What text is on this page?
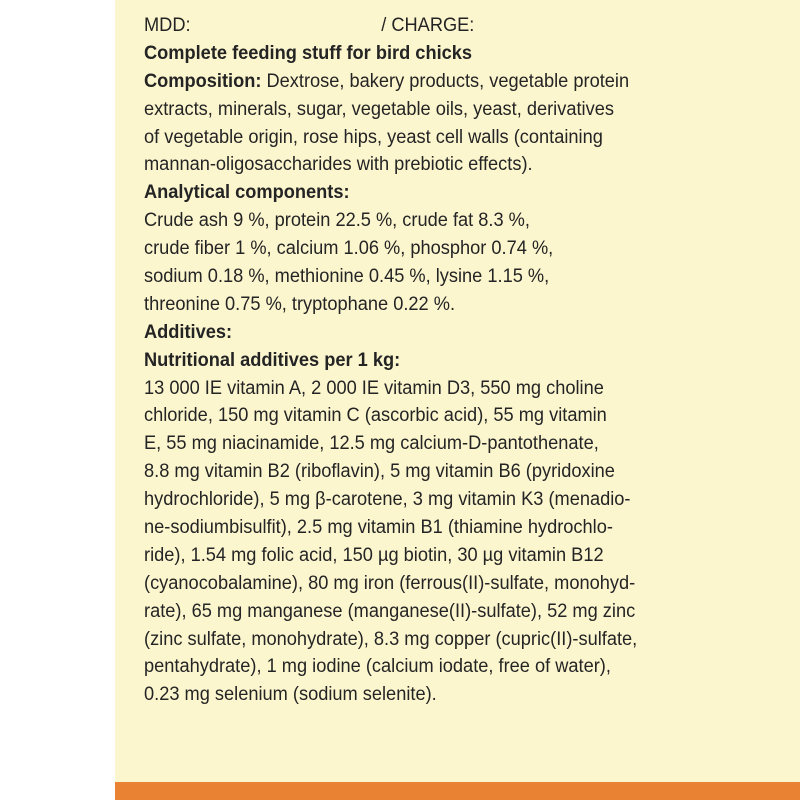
MDD:	/ CHARGE:
Complete feeding stuff for bird chicks
Composition: Dextrose, bakery products, vegetable protein
extracts, minerals, sugar, vegetable oils, yeast, derivatives
of vegetable origin, rose hips, yeast cell walls (containing
mannan-oligosaccharides with prebiotic effects).
Analytical components:
Crude ash 9 %, protein 22.5 %, crude fat 8.3 %,
crude fiber 1 %, calcium 1.06 %, phosphor 0.74 %,
sodium 0.18 %, methionine 0.45 %, lysine 1.15 %,
threonine 0.75 %, tryptophane 0.22 %.
Additives:
Nutritional additives per 1 kg:
13 000 IE vitamin A, 2 000 IE vitamin D3, 550 mg choline
chloride, 150 mg vitamin C (ascorbic acid), 55 mg vitamin
E, 55 mg niacinamide, 12.5 mg calcium-D-pantothenate,
8.8 mg vitamin B2 (riboflavin), 5 mg vitamin B6 (pyridoxine
hydrochloride), 5 mg β-carotene, 3 mg vitamin K3 (menadio-
ne-sodiumbisulfit), 2.5 mg vitamin B1 (thiamine hydrochlo-
ride), 1.54 mg folic acid, 150 µg biotin, 30 µg vitamin B12
(cyanocobalamine), 80 mg iron (ferrous(II)-sulfate, monohyd-
rate), 65 mg manganese (manganese(II)-sulfate), 52 mg zinc
(zinc sulfate, monohydrate), 8.3 mg copper (cupric(II)-sulfate,
pentahydrate), 1 mg iodine (calcium iodate, free of water),
0.23 mg selenium (sodium selenite).
